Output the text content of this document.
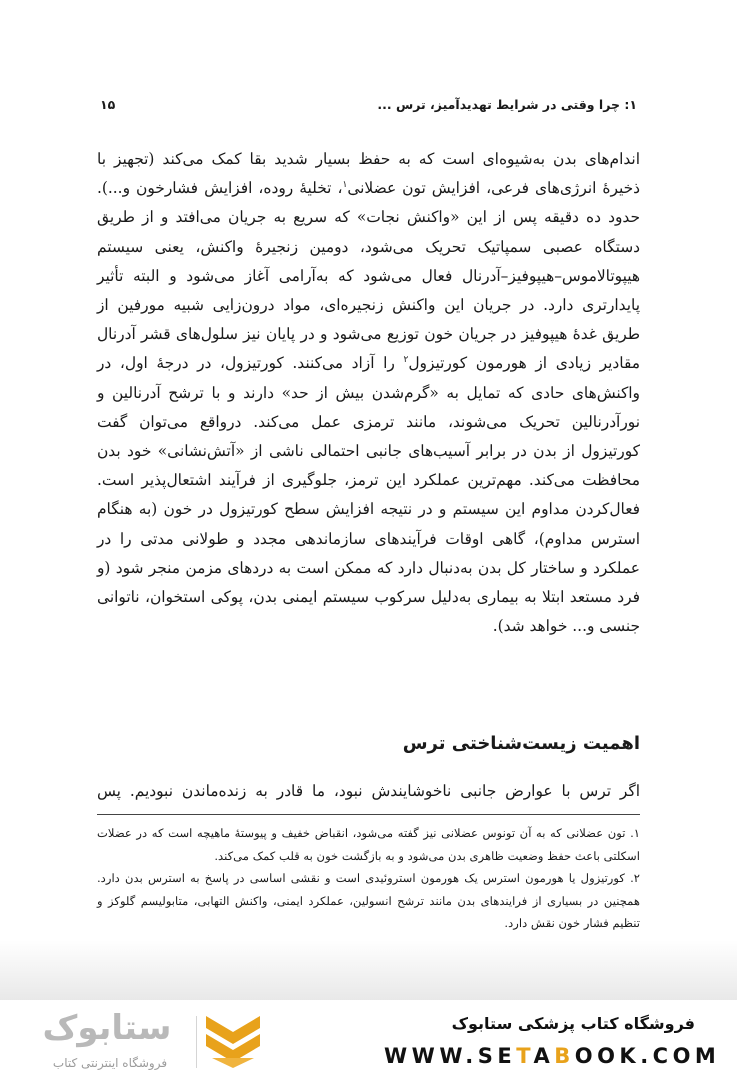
۱: چرا وقتی در شرایط تهدیدآمیز، ترس ...
۱۵

اندام‌های بدن به‌شیوه‌ای است که به حفظ بسیار شدید بقا کمک می‌کند (تجهیز با ذخیرهٔ انرژی‌های فرعی، افزایش تون عضلانی$^۱$، تخلیهٔ روده، افزایش فشارخون و...). حدود ده دقیقه پس از این «واکنش نجات» که سریع به جریان می‌افتد و از طریق دستگاه عصبی سمپاتیک تحریک می‌شود، دومین زنجیرهٔ واکنش، یعنی سیستم هیپوتالاموس–هیپوفیز–آدرنال فعال می‌شود که به‌آرامی آغاز می‌شود و البته تأثیر پایدارتری دارد. در جریان این واکنش زنجیره‌ای، مواد درون‌زایی شبیه مورفین از طریق غدهٔ هیپوفیز در جریان خون توزیع می‌شود و در پایان نیز سلول‌های قشر آدرنال مقادیر زیادی از هورمون کورتیزول$^۲$ را آزاد می‌کنند. کورتیزول، در درجهٔ اول، در واکنش‌های حادی که تمایل به «گرم‌شدن بیش از حد» دارند و با ترشح آدرنالین و نورآدرنالین تحریک می‌شوند، مانند ترمزی عمل می‌کند. درواقع می‌توان گفت کورتیزول از بدن در برابر آسیب‌های جانبی احتمالی ناشی از «آتش‌نشانی» خود بدن محافظت می‌کند. مهم‌ترین عملکرد این ترمز، جلوگیری از فرآیند اشتعال‌پذیر است. فعال‌کردن مداوم این سیستم و در نتیجه افزایش سطح کورتیزول در خون (به هنگام استرس مداوم)، گاهی اوقات فرآیندهای سازماندهی مجدد و طولانی مدتی را در عملکرد و ساختار کل بدن به‌دنبال دارد که ممکن است به دردهای مزمن منجر شود (و فرد مستعد ابتلا به بیماری به‌دلیل سرکوب سیستم ایمنی بدن، پوکی استخوان، ناتوانی جنسی و... خواهد شد).

اهمیت زیست‌شناختی ترس

اگر ترس با عوارض جانبی ناخوشایندش نبود، ما قادر به زنده‌ماندن نبودیم. پس

۱. تون عضلانی که به آن تونوس عضلانی نیز گفته می‌شود، انقباض خفیف و پیوستهٔ ماهیچه است که در عضلات اسکلتی باعث حفظ وضعیت ظاهری بدن می‌شود و به بازگشت خون به قلب کمک می‌کند.
۲. کورتیزول یا هورمون استرس یک هورمون استروئیدی است و نقشی اساسی در پاسخ به استرس بدن دارد. همچنین در بسیاری از فرایندهای بدن مانند ترشح انسولین، عملکرد ایمنی، واکنش التهابی، متابولیسم گلوکز و تنظیم فشار خون نقش دارد.
فروشگاه کتاب پزشکی ستابوک
WWW.SETABOOK.COM
ستابوک
فروشگاه اینترنتی کتاب
